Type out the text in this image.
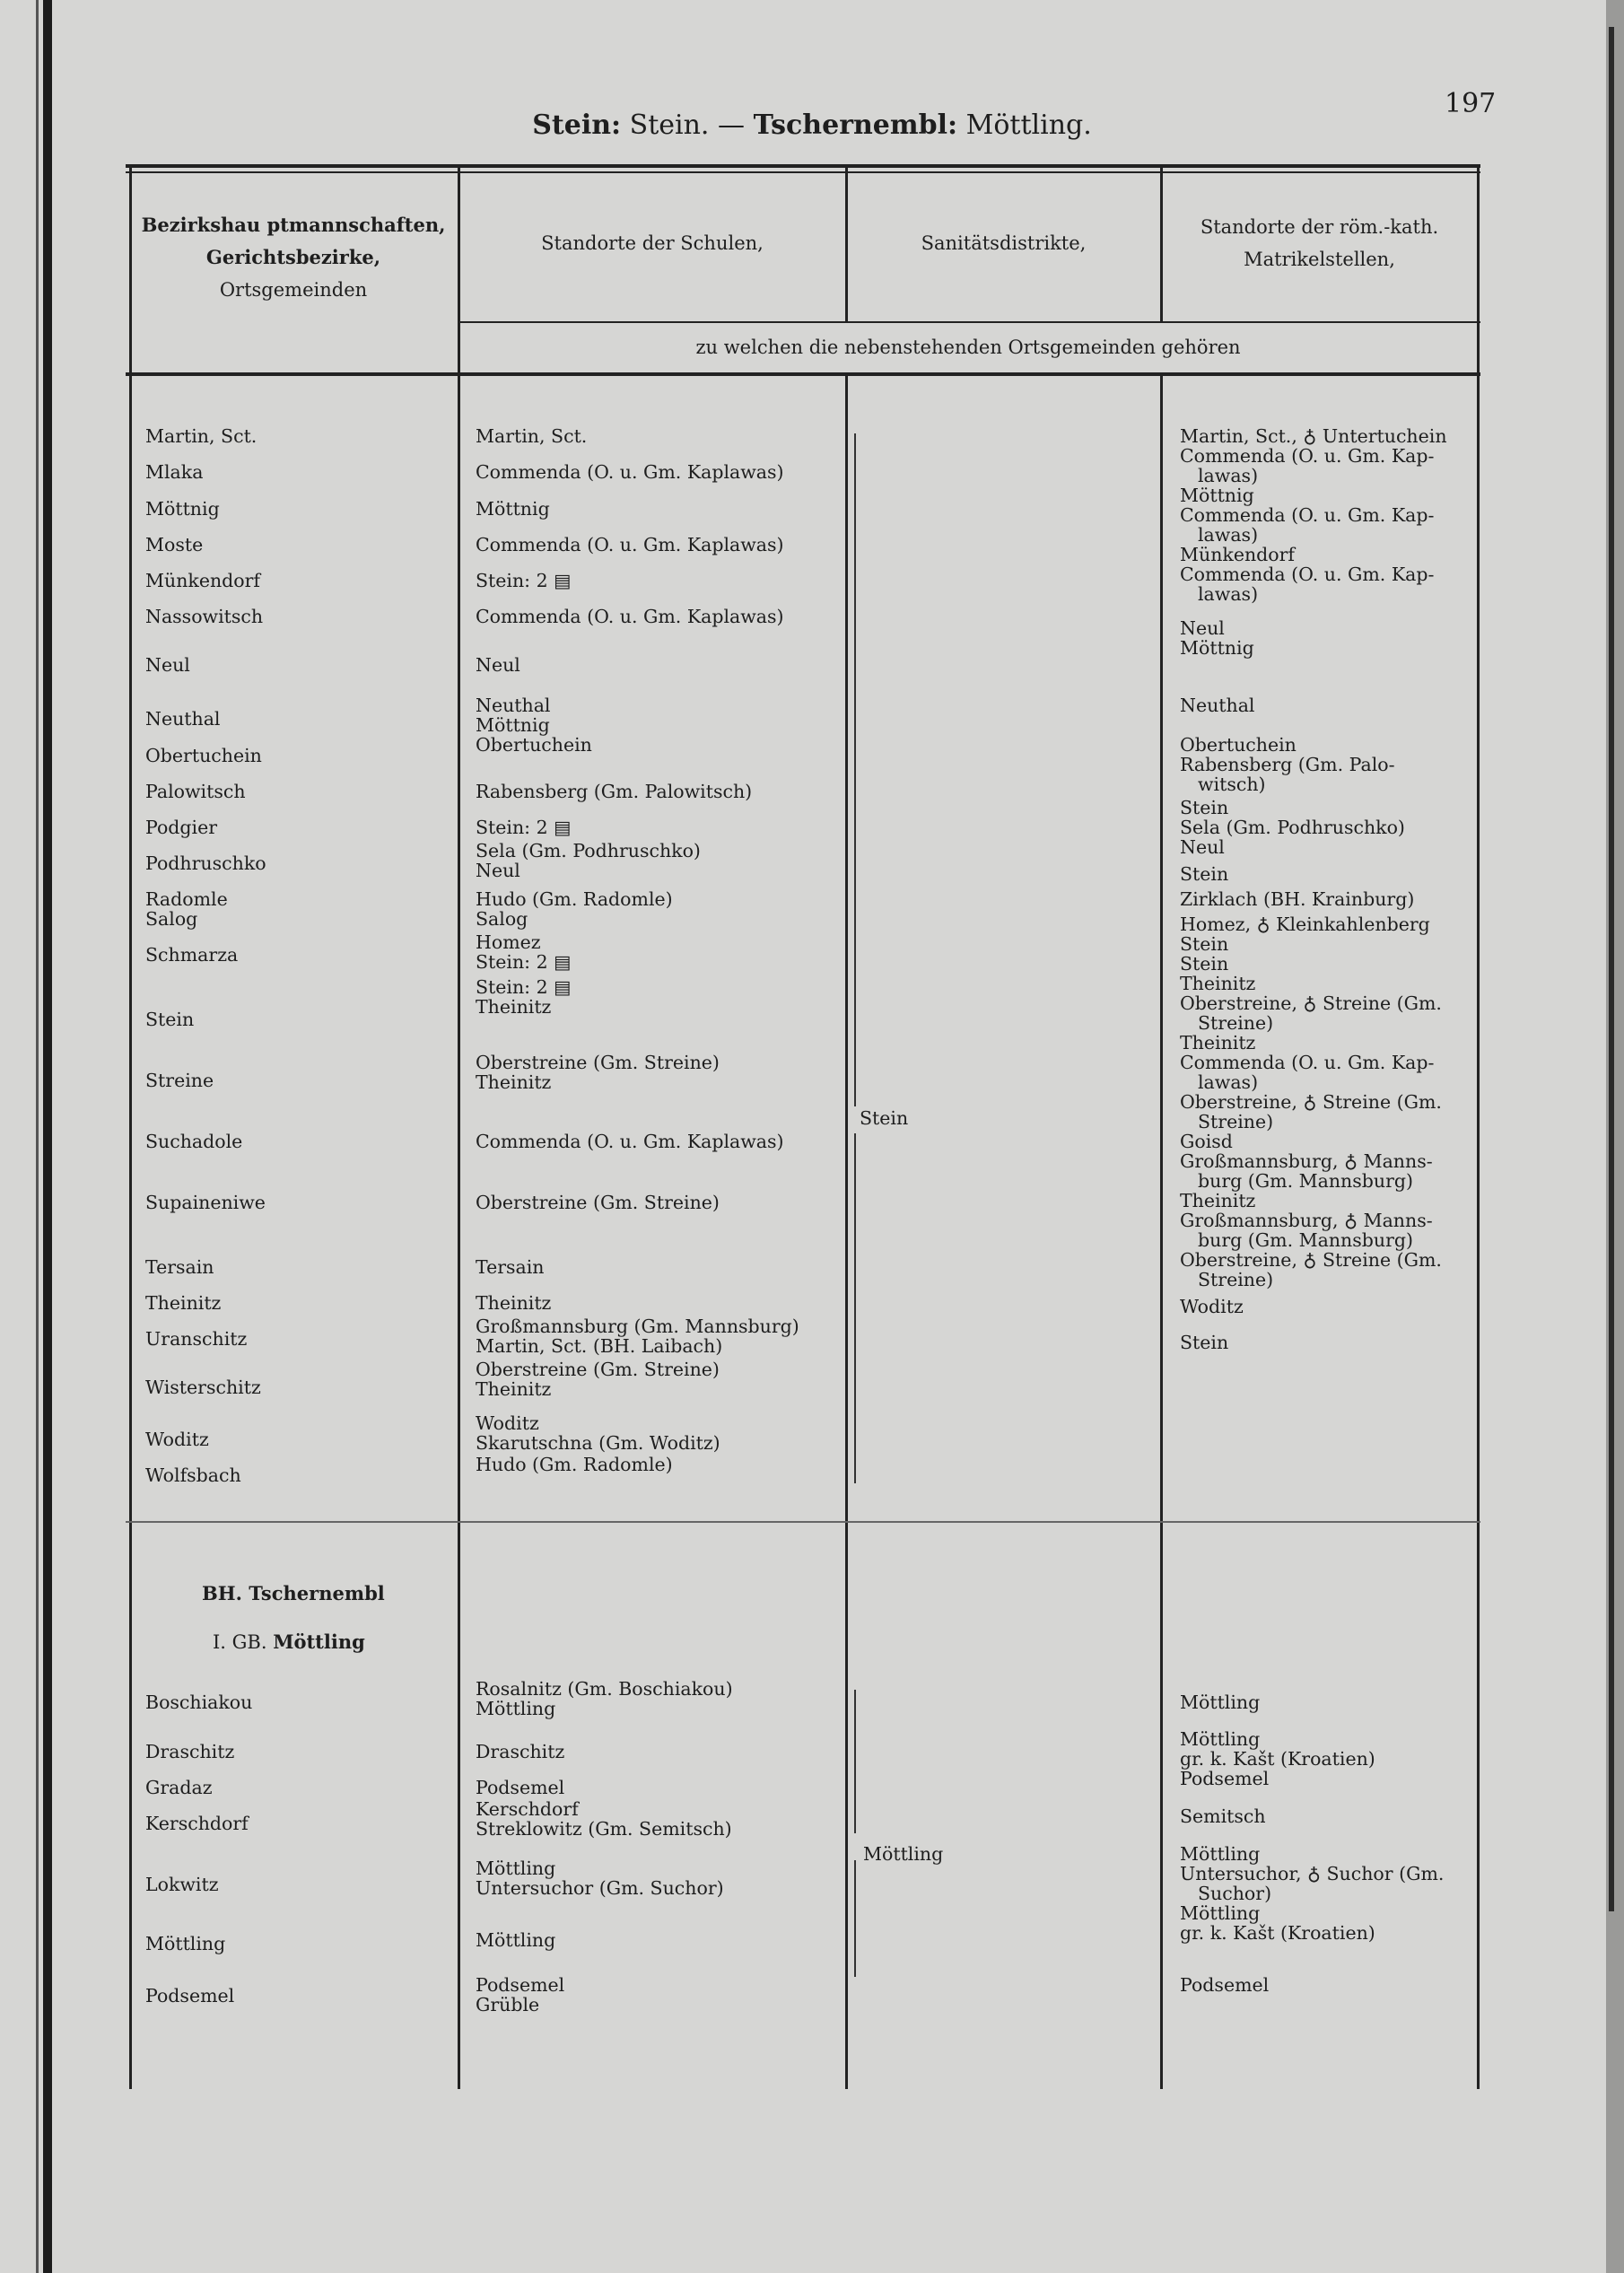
Stein: Stein. — Tschernembl: Möttling.
197
Bezirkshau ptmannschaften,
Gerichtsbezirke,
Ortsgemeinden
Standorte der Schulen,	Sanitätsdistrikte,
Standorte der röm.-kath.
Matrikelstellen,
zu welchen die nebenstehenden Ortsgemeinden gehören
Martin, Sct.
Mlaka
Möttnig
Moste
Münkendorf
Nassowitsch
Neul
Neuthal
Obertuchein
Palowitsch
Podgier
Podhruschko
Radomle
Salog
Schmarza
Stein
Streine
Suchadole
Supaineniwe
Tersain
Theinitz
Uranschitz
Wisterschitz
Woditz
Wolfsbach
Martin, Sct.
Commenda (O. u. Gm. Kaplawas)
Möttnig
Commenda (O. u. Gm. Kaplawas)
Stein: 2 ▤
Commenda (O. u. Gm. Kaplawas)
Neul
Neuthal
Möttnig
Obertuchein
Rabensberg (Gm. Palowitsch)
Stein: 2 ▤
Sela (Gm. Podhruschko)
Neul
Hudo (Gm. Radomle)
Salog
Homez
Stein: 2 ▤
Stein: 2 ▤
Theinitz
Oberstreine (Gm. Streine)
Theinitz
Commenda (O. u. Gm. Kaplawas)
Oberstreine (Gm. Streine)
Tersain
Theinitz
Großmannsburg (Gm. Mannsburg)
Martin, Sct. (BH. Laibach)
Oberstreine (Gm. Streine)
Theinitz
Woditz
Skarutschna (Gm. Woditz)
Hudo (Gm. Radomle)
Stein
Martin, Sct., ♁ Untertuchein
Commenda (O. u. Gm. Kap-
lawas)
Möttnig
Commenda (O. u. Gm. Kap-
lawas)
Münkendorf
Commenda (O. u. Gm. Kap-
lawas)
Neul
Möttnig
Neuthal
Obertuchein
Rabensberg (Gm. Palo-
witsch)
Stein
Sela (Gm. Podhruschko)
Neul
Stein
Zirklach (BH. Krainburg)
Homez, ♁ Kleinkahlenberg
Stein
Stein
Theinitz
Oberstreine, ♁ Streine (Gm.
Streine)
Theinitz
Commenda (O. u. Gm. Kap-
lawas)
Oberstreine, ♁ Streine (Gm.
Streine)
Goisd
Großmannsburg, ♁ Manns-
burg (Gm. Mannsburg)
Theinitz
Großmannsburg, ♁ Manns-
burg (Gm. Mannsburg)
Oberstreine, ♁ Streine (Gm.
Streine)
Woditz
Stein
BH. Tschernembl
I. GB. Möttling
Boschiakou
Draschitz
Gradaz
Kerschdorf
Lokwitz
Möttling
Podsemel
Rosalnitz (Gm. Boschiakou)
Möttling
Draschitz
Podsemel
Kerschdorf
Streklowitz (Gm. Semitsch)
Möttling
Untersuchor (Gm. Suchor)
Möttling
Podsemel
Grüble
Möttling
Möttling
Möttling
gr. k. Kašt (Kroatien)
Podsemel
Semitsch
Möttling
Untersuchor, ♁ Suchor (Gm.
Suchor)
Möttling
gr. k. Kašt (Kroatien)
Podsemel
